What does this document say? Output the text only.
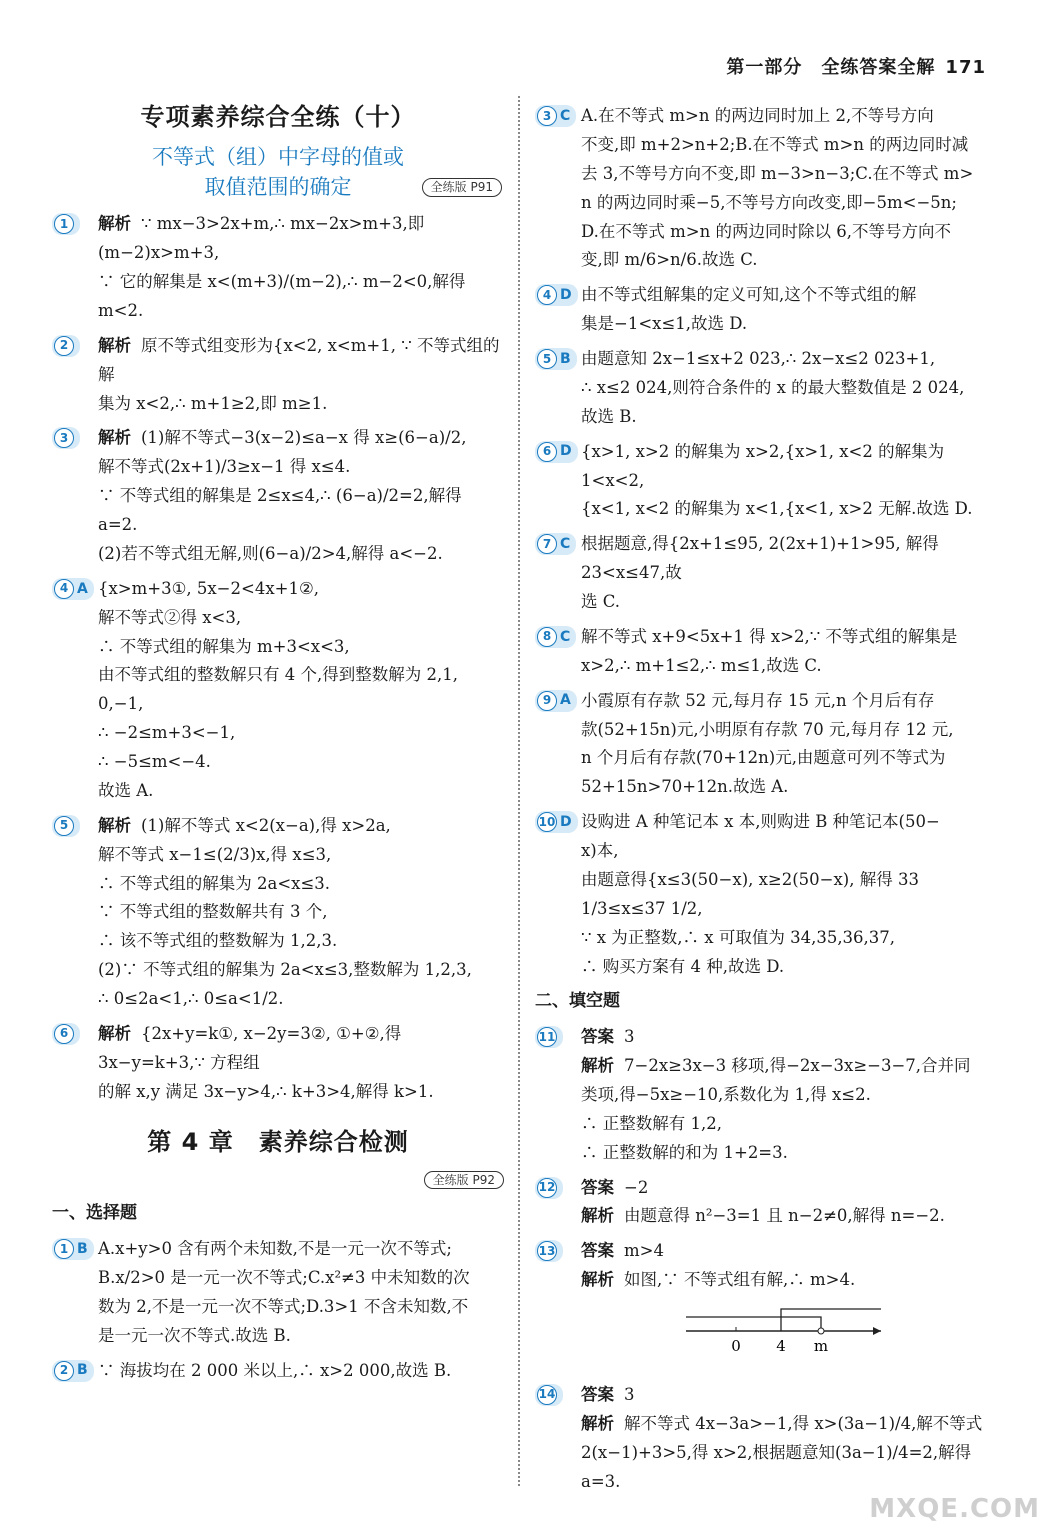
第一部分　全练答案全解 171
专项素养综合全练（十）
不等式（组）中字母的值或
取值范围的确定	全练版 P91
1	解析 ∵ mx−3>2x+m,∴ mx−2x>m+3,即(m−2)x>m+3,
∵ 它的解集是 x<(m+3)/(m−2),∴ m−2<0,解得 m<2.
2	解析 原不等式组变形为{x<2, x<m+1, ∵ 不等式组的解
集为 x<2,∴ m+1≥2,即 m≥1.
3	解析 (1)解不等式−3(x−2)≤a−x 得 x≥(6−a)/2,
解不等式(2x+1)/3≥x−1 得 x≤4.
∵ 不等式组的解集是 2≤x≤4,∴ (6−a)/2=2,解得 a=2.
(2)若不等式组无解,则(6−a)/2>4,解得 a<−2.
4 A {x>m+3①, 5x−2<4x+1②,
解不等式②得 x<3,
∴ 不等式组的解集为 m+3<x<3,
由不等式组的整数解只有 4 个,得到整数解为 2,1,
0,−1,
∴ −2≤m+3<−1,
∴ −5≤m<−4.
故选 A.
5	解析 (1)解不等式 x<2(x−a),得 x>2a,
解不等式 x−1≤(2/3)x,得 x≤3,
∴ 不等式组的解集为 2a<x≤3.
∵ 不等式组的整数解共有 3 个,
∴ 该不等式组的整数解为 1,2,3.
(2)∵ 不等式组的解集为 2a<x≤3,整数解为 1,2,3,
∴ 0≤2a<1,∴ 0≤a<1/2.
6	解析 {2x+y=k①, x−2y=3②, ①+②,得 3x−y=k+3,∵ 方程组
的解 x,y 满足 3x−y>4,∴ k+3>4,解得 k>1.
第 4 章　素养综合检测
全练版 P92
一、选择题
1 B A.x+y>0 含有两个未知数,不是一元一次不等式;
B.x/2>0 是一元一次不等式;C.x²≠3 中未知数的次
数为 2,不是一元一次不等式;D.3>1 不含未知数,不
是一元一次不等式.故选 B.
2 B ∵ 海拔均在 2 000 米以上,∴ x>2 000,故选 B.
3 C A.在不等式 m>n 的两边同时加上 2,不等号方向
不变,即 m+2>n+2;B.在不等式 m>n 的两边同时减
去 3,不等号方向不变,即 m−3>n−3;C.在不等式 m>
n 的两边同时乘−5,不等号方向改变,即−5m<−5n;
D.在不等式 m>n 的两边同时除以 6,不等号方向不
变,即 m/6>n/6.故选 C.
4 D 由不等式组解集的定义可知,这个不等式组的解
集是−1<x≤1,故选 D.
5 B 由题意知 2x−1≤x+2 023,∴ 2x−x≤2 023+1,
∴ x≤2 024,则符合条件的 x 的最大整数值是 2 024,
故选 B.
6 D {x>1, x>2 的解集为 x>2,{x>1, x<2 的解集为 1<x<2,
{x<1, x<2 的解集为 x<1,{x<1, x>2 无解.故选 D.
7 C 根据题意,得{2x+1≤95, 2(2x+1)+1>95, 解得 23<x≤47,故
选 C.
8 C 解不等式 x+9<5x+1 得 x>2,∵ 不等式组的解集是
x>2,∴ m+1≤2,∴ m≤1,故选 C.
9 A 小霞原有存款 52 元,每月存 15 元,n 个月后有存
款(52+15n)元,小明原有存款 70 元,每月存 12 元,
n 个月后有存款(70+12n)元,由题意可列不等式为
52+15n>70+12n.故选 A.
10 D 设购进 A 种笔记本 x 本,则购进 B 种笔记本(50−
x)本,
由题意得{x≤3(50−x), x≥2(50−x), 解得 33 1/3≤x≤37 1/2,
∵ x 为正整数,∴ x 可取值为 34,35,36,37,
∴ 购买方案有 4 种,故选 D.
二、填空题
11 答案 3
解析 7−2x≥3x−3 移项,得−2x−3x≥−3−7,合并同
类项,得−5x≥−10,系数化为 1,得 x≤2.
∴ 正整数解有 1,2,
∴ 正整数解的和为 1+2=3.
12 答案 −2
解析 由题意得 n²−3=1 且 n−2≠0,解得 n=−2.
13 答案 m>4
解析 如图,∵ 不等式组有解,∴ m>4.
0 4 m
14 答案 3
解析 解不等式 4x−3a>−1,得 x>(3a−1)/4,解不等式
2(x−1)+3>5,得 x>2,根据题意知(3a−1)/4=2,解得 a=3.
MXQE.COM
